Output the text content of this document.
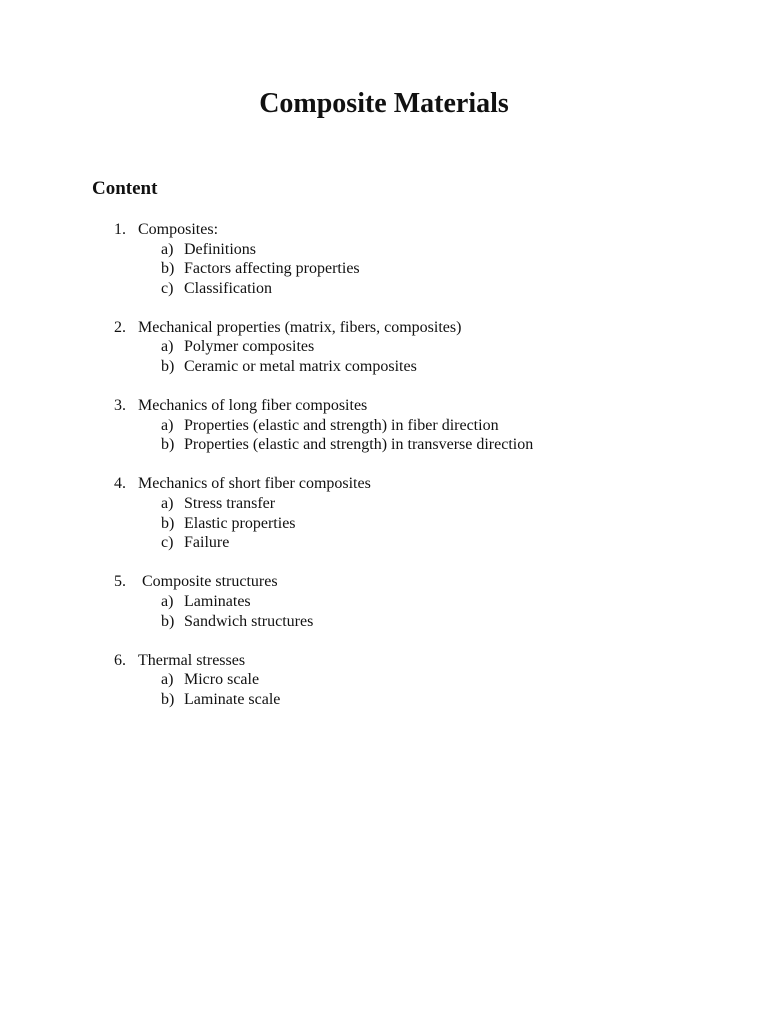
Composite Materials
Content
1. Composites:
a) Definitions
b) Factors affecting properties
c) Classification
2. Mechanical properties (matrix, fibers, composites)
a) Polymer composites
b) Ceramic or metal matrix composites
3. Mechanics of long fiber composites
a) Properties (elastic and strength) in fiber direction
b) Properties (elastic and strength) in transverse direction
4. Mechanics of short fiber composites
a) Stress transfer
b) Elastic properties
c) Failure
5. Composite structures
a) Laminates
b) Sandwich structures
6. Thermal stresses
a) Micro scale
b) Laminate scale
